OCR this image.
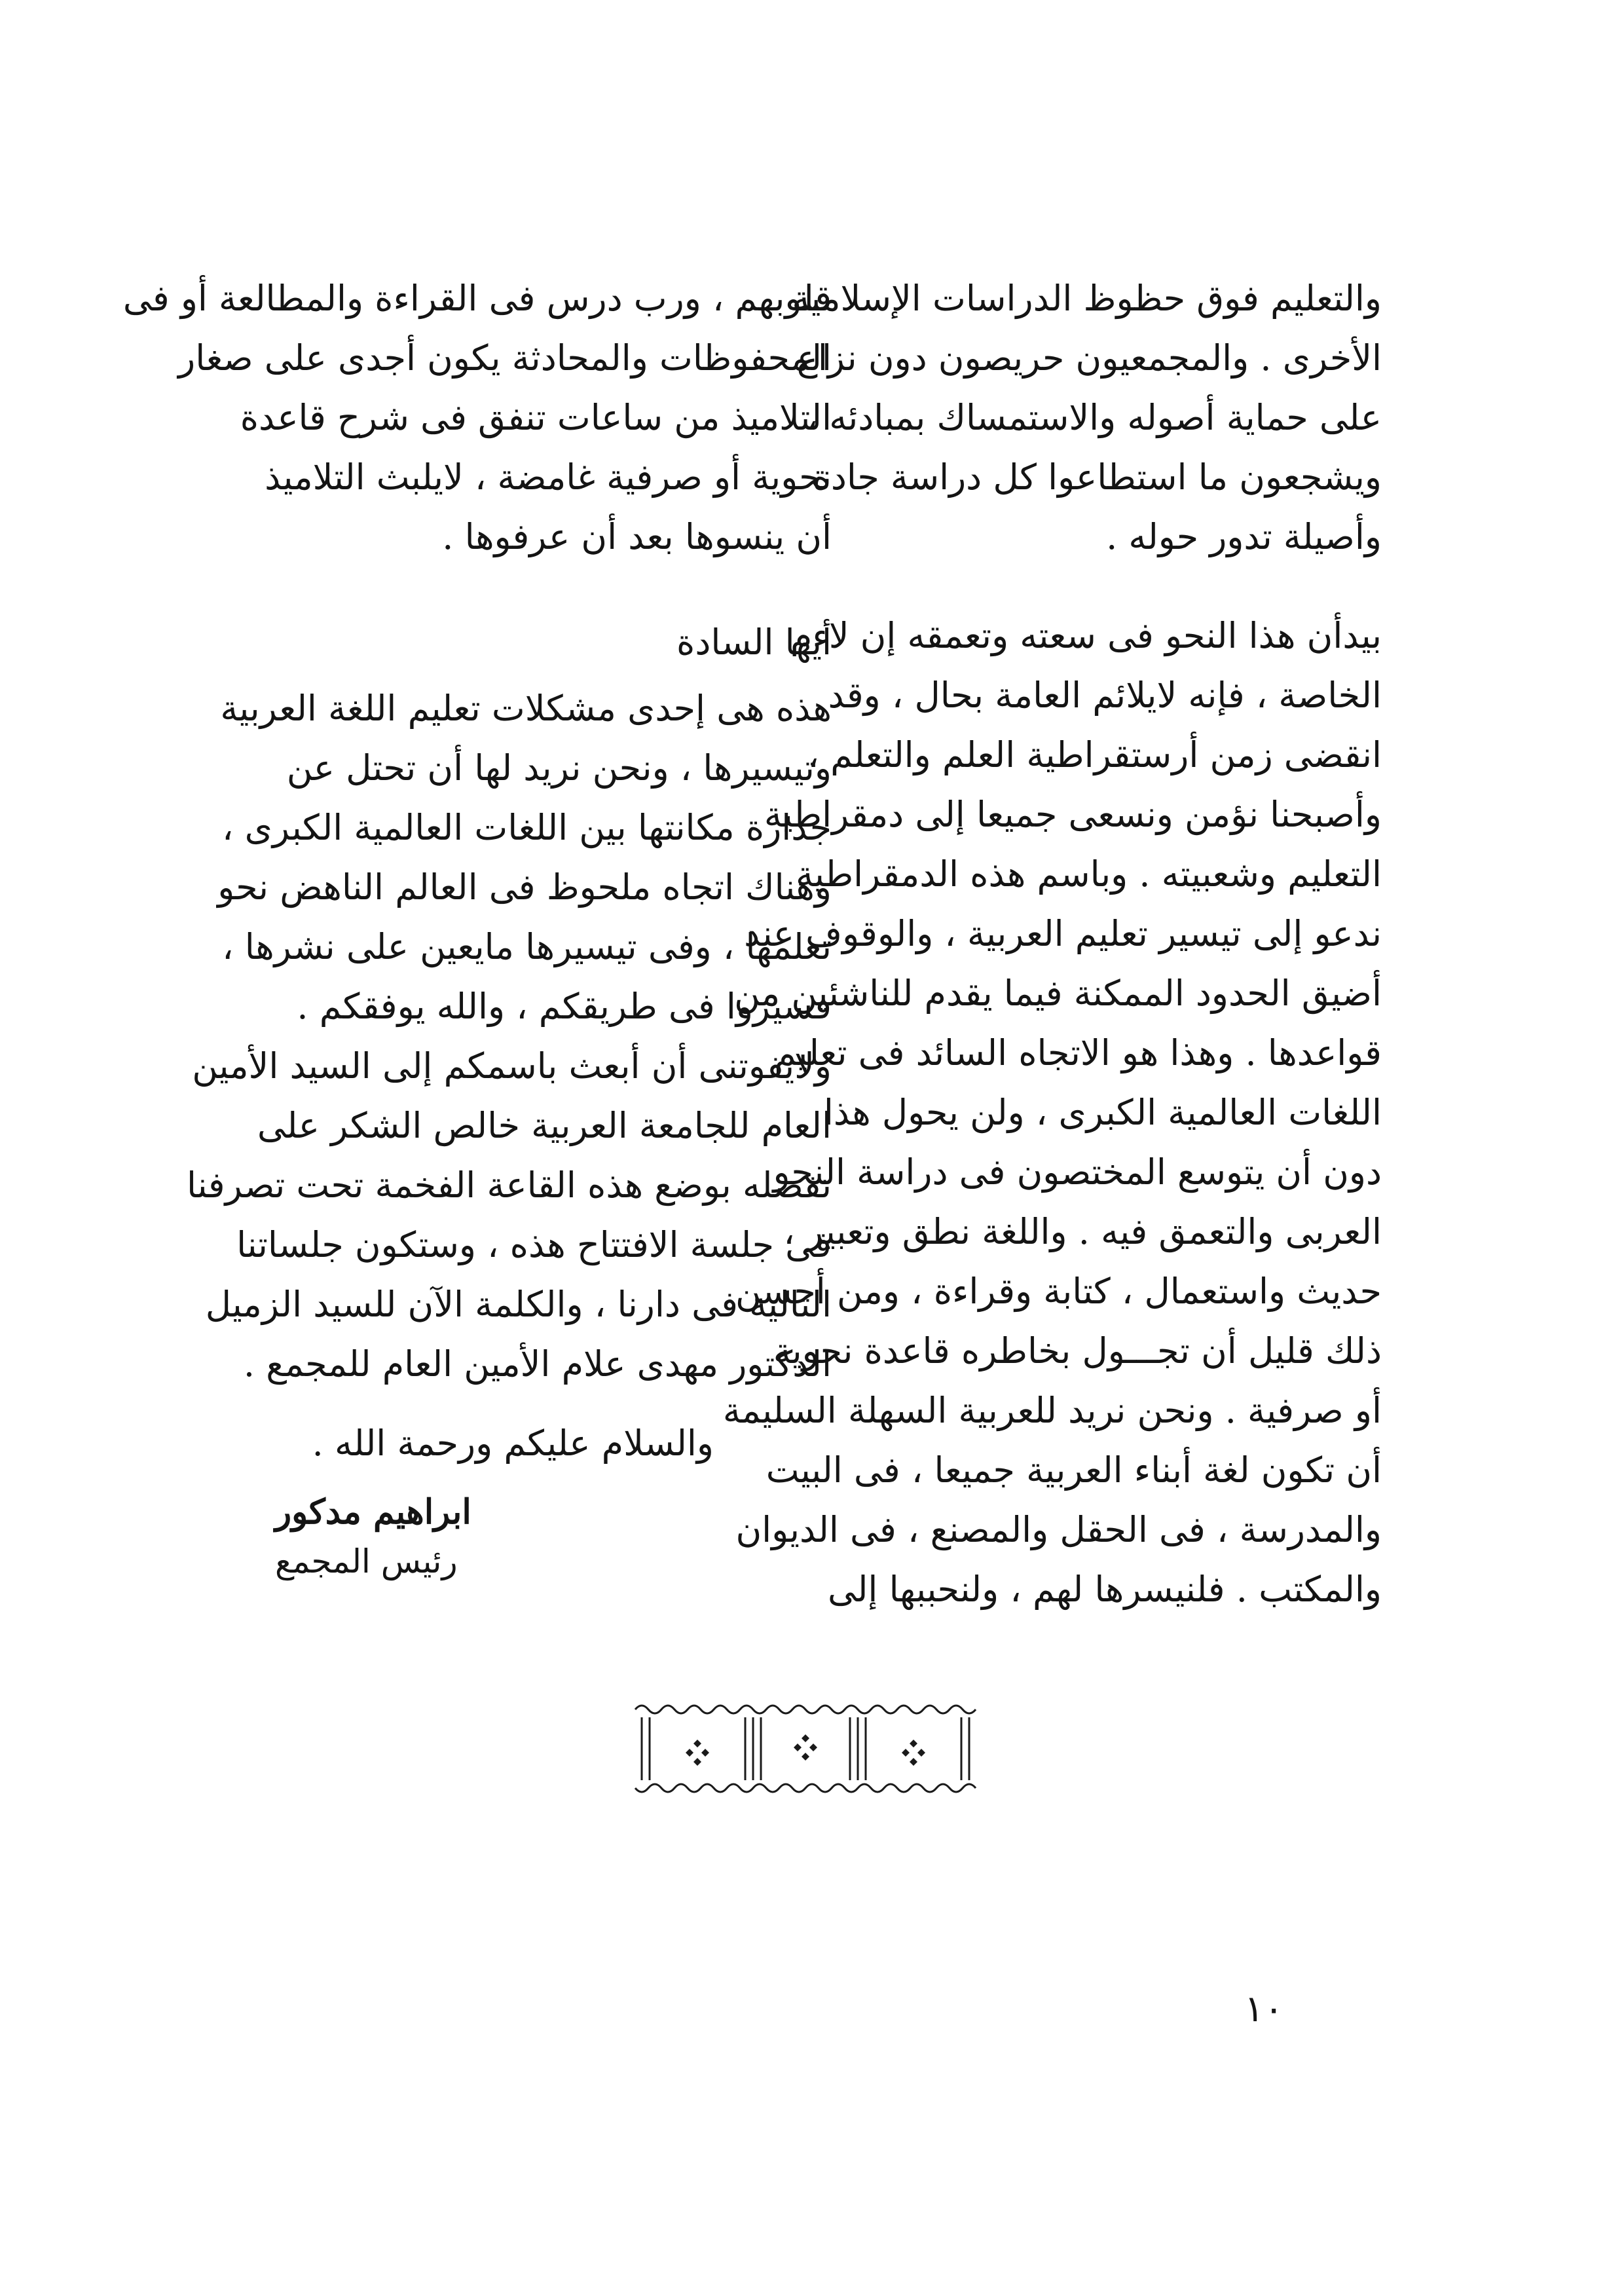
والتعليم فوق حظوظ الدراسات الإسلامية

الأخرى . والمجمعيون حريصون دون نزاع

على حماية أصوله والاستمساك بمبادئه ،

ويشجعون ما استطاعوا كل دراسة جادة

وأصيلة تدور حوله .

بيدأن هذا النحو فى سعته وتعمقه إن لاءم

الخاصة ، فإنه لايلائم العامة بحال ، وقد

انقضى زمن أرستقراطية العلم والتعلم ،

وأصبحنا نؤمن ونسعى جميعا إلى دمقراطية

التعليم وشعبيته . وباسم هذه الدمقراطية

ندعو إلى تيسير تعليم العربية ، والوقوف عند

أضيق الحدود الممكنة فيما يقدم للناشئين من

قواعدها . وهذا هو الاتجاه السائد فى تعليم

اللغات العالمية الكبرى ، ولن يحول هذا

دون أن يتوسع المختصون فى دراسة النحو

العربى والتعمق فيه . واللغة نطق وتعبير ،

حديث واستعمال ، كتابة وقراءة ، ومن أحسن

ذلك قليل أن تجـــول بخاطره قاعدة نحوية

أو صرفية . ونحن نريد للعربية السهلة السليمة

أن تكون لغة أبناء العربية جميعا ، فى البيت

والمدرسة ، فى الحقل والمصنع ، فى الديوان

والمكتب . فلنيسرها لهم ، ولنحببها إلى

قلوبهم ، ورب درس فى القراءة والمطالعة أو فى

المحفوظات والمحادثة يكون أجدى على صغار

التلاميذ من ساعات تنفق فى شرح قاعدة

نحوية أو صرفية غامضة ، لايلبث التلاميذ

أن ينسوها بعد أن عرفوها .

أيها السادة

هذه هى إحدى مشكلات تعليم اللغة العربية

وتيسيرها ، ونحن نريد لها أن تحتل عن

جدارة مكانتها بين اللغات العالمية الكبرى ،

وهناك اتجاه ملحوظ فى العالم الناهض نحو

تعلمها ، وفى تيسيرها مايعين على نشرها ،

فسيروا فى طريقكم ، والله يوفقكم .

ولايفوتنى أن أبعث باسمكم إلى السيد الأمين

العام للجامعة العربية خالص الشكر على

تفضله بوضع هذه القاعة الفخمة تحت تصرفنا

فى جلسة الافتتاح هذه ، وستكون جلساتنا

التالية فى دارنا ، والكلمة الآن للسيد الزميل

الدكتور مهدى علام الأمين العام للمجمع .

والسلام عليكم ورحمة الله .
ابراهيم مدكور
رئيس المجمع
١٠
